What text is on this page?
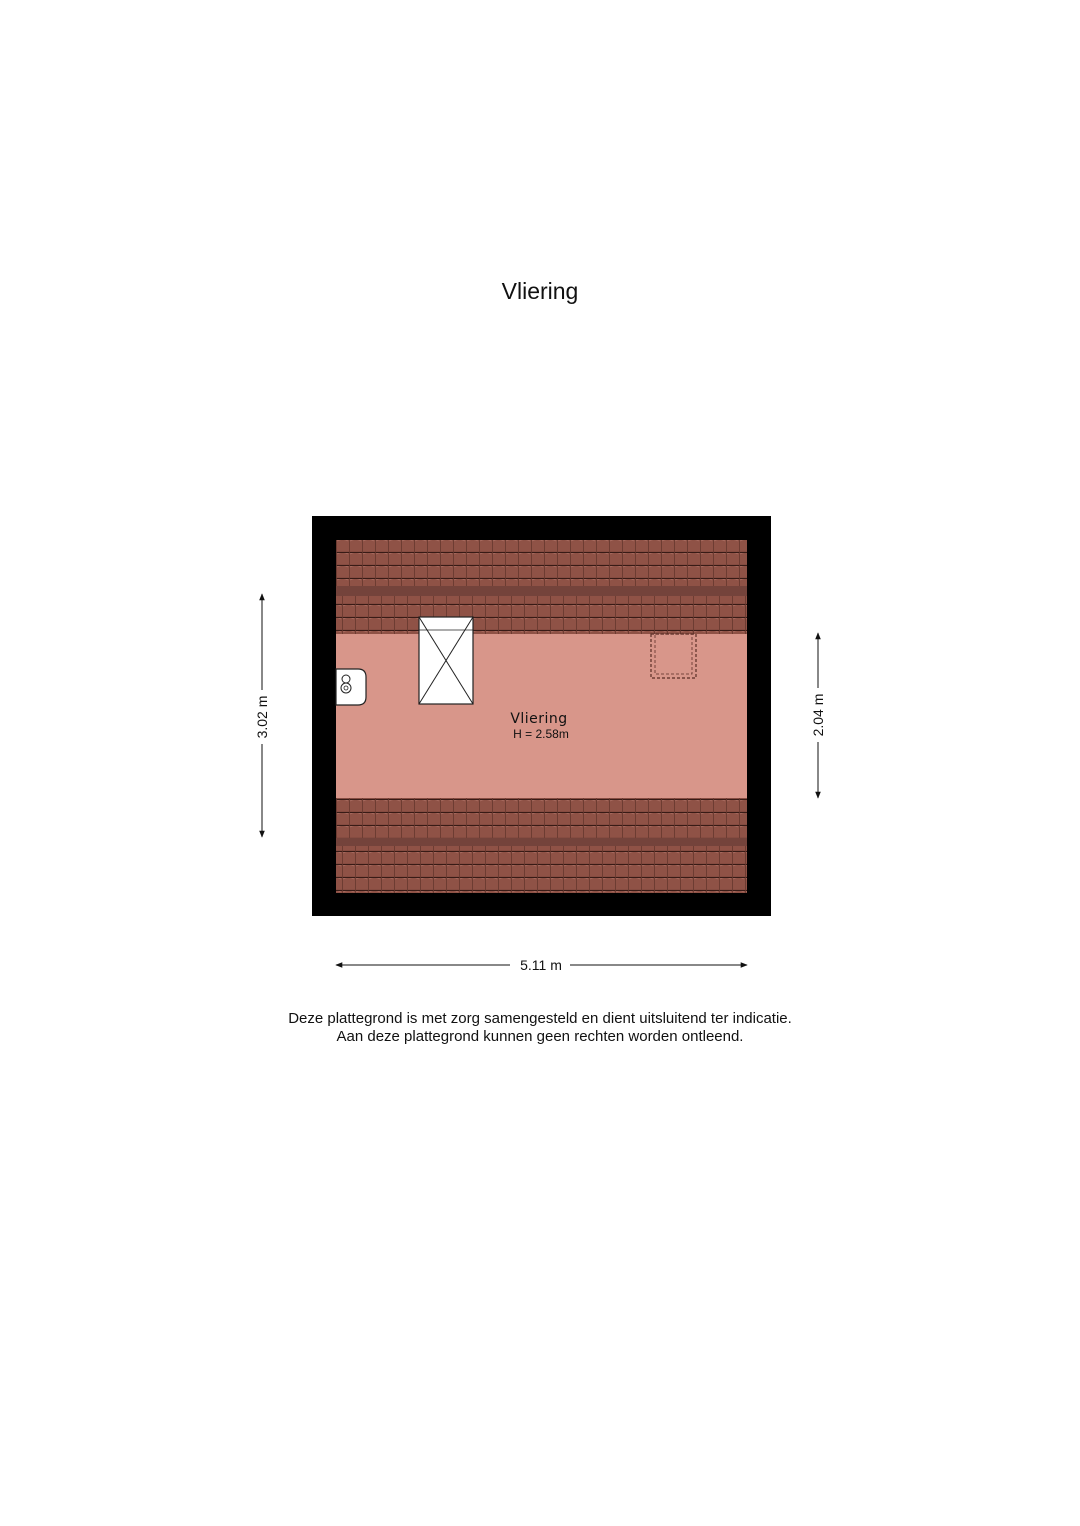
Vliering
Vliering
H = 2.58m
3.02 m	2.04 m
5.11 m
Deze plattegrond is met zorg samengesteld en dient uitsluitend ter indicatie.
Aan deze plattegrond kunnen geen rechten worden ontleend.
